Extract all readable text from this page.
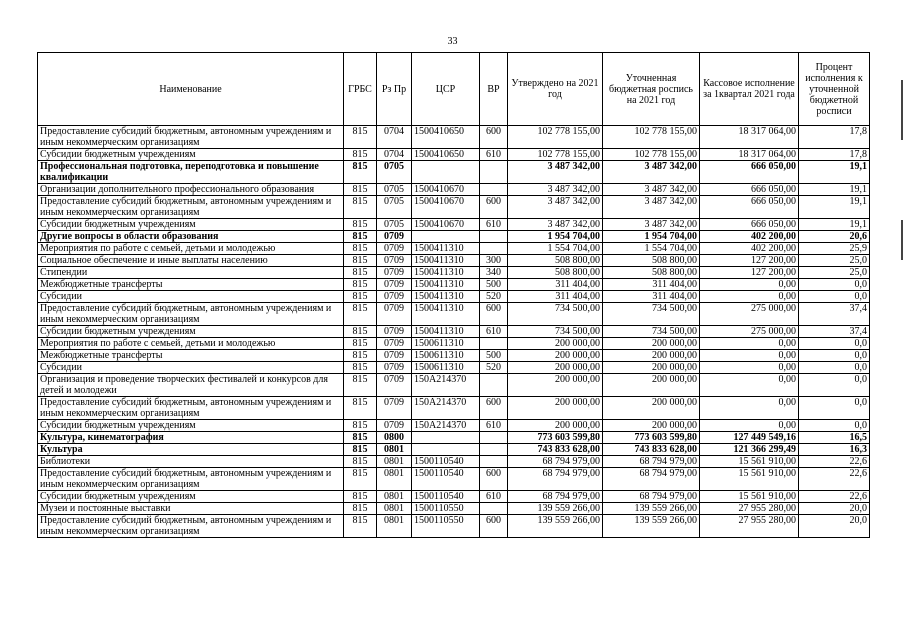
33
Наименование	ГРБС	Рз Пр	ЦСР	ВР	Утверждено на 2021 год	Уточненная бюджетная роспись на 2021 год	Кассовое исполнение за 1квартал 2021 года	Процент исполнения к уточненной бюджетной росписи
Предоставление субсидий бюджетным, автономным учреждениям и иным некоммерческим организациям	815	0704	1500410650	600	102 778 155,00	102 778 155,00	18 317 064,00	17,8
Субсидии бюджетным учреждениям	815	0704	1500410650	610	102 778 155,00	102 778 155,00	18 317 064,00	17,8
Профессиональная подготовка, переподготовка и повышение квалификации	815	0705			3 487 342,00	3 487 342,00	666 050,00	19,1
Организации дополнительного профессионального образования	815	0705	1500410670		3 487 342,00	3 487 342,00	666 050,00	19,1
Предоставление субсидий бюджетным, автономным учреждениям и иным некоммерческим организациям	815	0705	1500410670	600	3 487 342,00	3 487 342,00	666 050,00	19,1
Субсидии бюджетным учреждениям	815	0705	1500410670	610	3 487 342,00	3 487 342,00	666 050,00	19,1
Другие вопросы в области образования	815	0709			1 954 704,00	1 954 704,00	402 200,00	20,6
Мероприятия по работе с семьей, детьми и молодежью	815	0709	1500411310		1 554 704,00	1 554 704,00	402 200,00	25,9
Социальное обеспечение и иные выплаты населению	815	0709	1500411310	300	508 800,00	508 800,00	127 200,00	25,0
Стипендии	815	0709	1500411310	340	508 800,00	508 800,00	127 200,00	25,0
Межбюджетные трансферты	815	0709	1500411310	500	311 404,00	311 404,00	0,00	0,0
Субсидии	815	0709	1500411310	520	311 404,00	311 404,00	0,00	0,0
Предоставление субсидий бюджетным, автономным учреждениям и иным некоммерческим организациям	815	0709	1500411310	600	734 500,00	734 500,00	275 000,00	37,4
Субсидии бюджетным учреждениям	815	0709	1500411310	610	734 500,00	734 500,00	275 000,00	37,4
Мероприятия по работе с семьей, детьми и молодежью	815	0709	1500611310		200 000,00	200 000,00	0,00	0,0
Межбюджетные трансферты	815	0709	1500611310	500	200 000,00	200 000,00	0,00	0,0
Субсидии	815	0709	1500611310	520	200 000,00	200 000,00	0,00	0,0
Организация и проведение творческих фестивалей и конкурсов для детей и молодежи	815	0709	150A214370		200 000,00	200 000,00	0,00	0,0
Предоставление субсидий бюджетным, автономным учреждениям и иным некоммерческим организациям	815	0709	150A214370	600	200 000,00	200 000,00	0,00	0,0
Субсидии бюджетным учреждениям	815	0709	150A214370	610	200 000,00	200 000,00	0,00	0,0
Культура, кинематография	815	0800			773 603 599,80	773 603 599,80	127 449 549,16	16,5
Культура	815	0801			743 833 628,00	743 833 628,00	121 366 299,49	16,3
Библиотеки	815	0801	1500110540		68 794 979,00	68 794 979,00	15 561 910,00	22,6
Предоставление субсидий бюджетным, автономным учреждениям и иным некоммерческим организациям	815	0801	1500110540	600	68 794 979,00	68 794 979,00	15 561 910,00	22,6
Субсидии бюджетным учреждениям	815	0801	1500110540	610	68 794 979,00	68 794 979,00	15 561 910,00	22,6
Музеи и постоянные выставки	815	0801	1500110550		139 559 266,00	139 559 266,00	27 955 280,00	20,0
Предоставление субсидий бюджетным, автономным учреждениям и иным некоммерческим организациям	815	0801	1500110550	600	139 559 266,00	139 559 266,00	27 955 280,00	20,0
